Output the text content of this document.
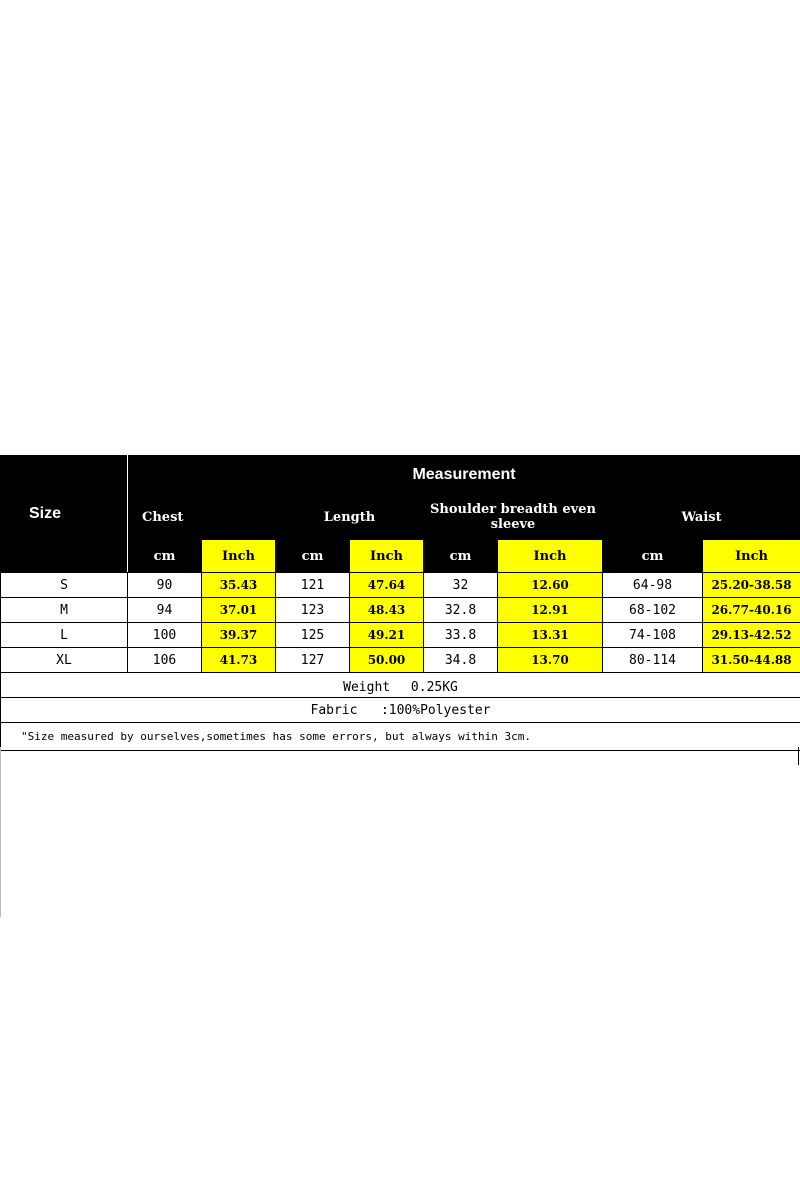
Size	Measurement							
	Chest		Length		Shoulder breadth even sleeve		Waist	
	cm	Inch	cm	Inch	cm	Inch	cm	Inch
S	90	35.43	121	47.64	32	12.60	64-98	25.20-38.58
M	94	37.01	123	48.43	32.8	12.91	68-102	26.77-40.16
L	100	39.37	125	49.21	33.8	13.31	74-108	29.13-42.52
XL	106	41.73	127	50.00	34.8	13.70	80-114	31.50-44.88
Weight　 0.25KG								
Fabric   :100%Polyester								
"Size measured by ourselves,sometimes has some errors, but always within 3cm.								
